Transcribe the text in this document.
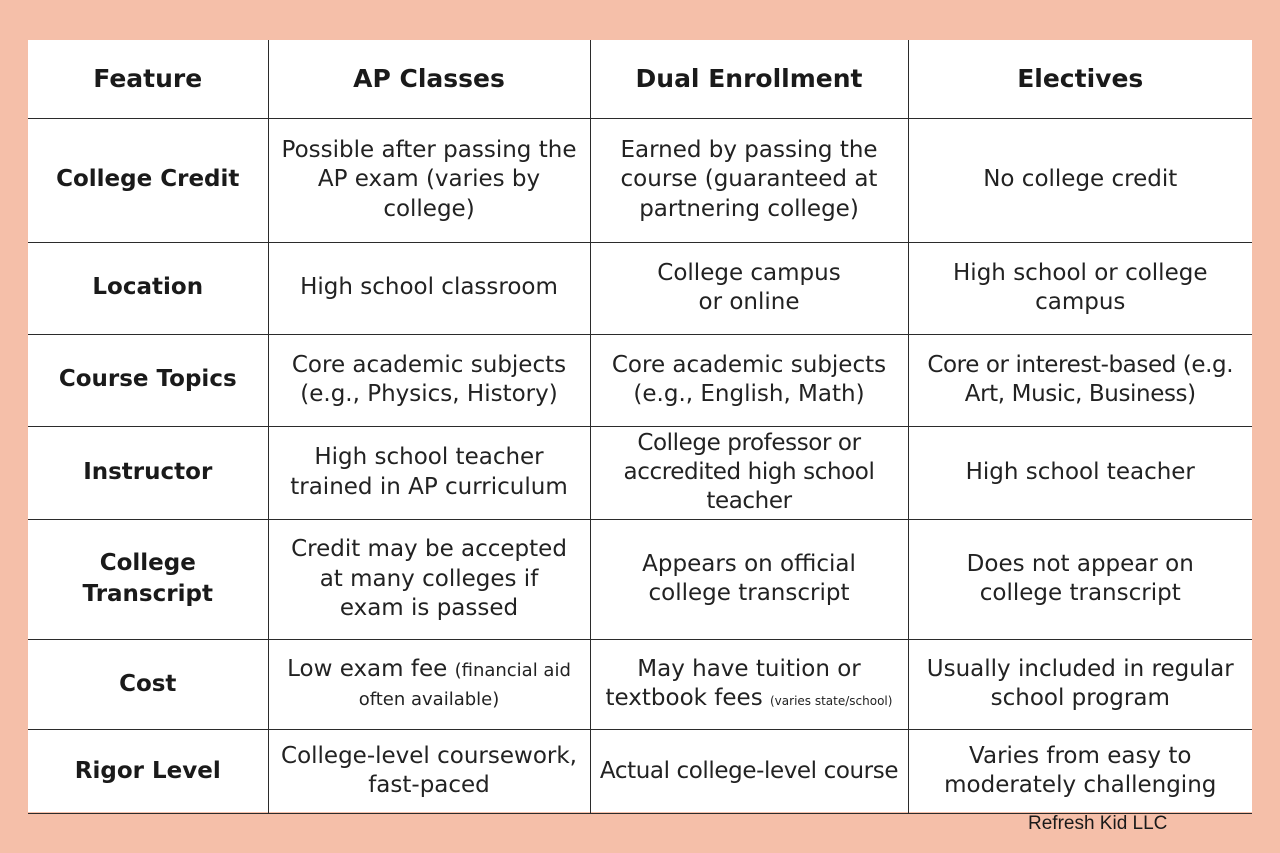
Feature	AP Classes	Dual Enrollment	Electives
College Credit	Possible after passing the AP exam (varies by college)	Earned by passing the course (guaranteed at partnering college)	No college credit
Location	High school classroom	College campus or online	High school or college campus
Course Topics	Core academic subjects (e.g., Physics, History)	Core academic subjects (e.g., English, Math)	Core or interest-based (e.g. Art, Music, Business)
Instructor	High school teacher trained in AP curriculum	College professor or accredited high school teacher	High school teacher
College Transcript	Credit may be accepted at many colleges if exam is passed	Appears on official college transcript	Does not appear on college transcript
Cost	Low exam fee (financial aid often available)	May have tuition or textbook fees (varies state/school)	Usually included in regular school program
Rigor Level	College-level coursework, fast-paced	Actual college-level course	Varies from easy to moderately challenging
Refresh Kid LLC
